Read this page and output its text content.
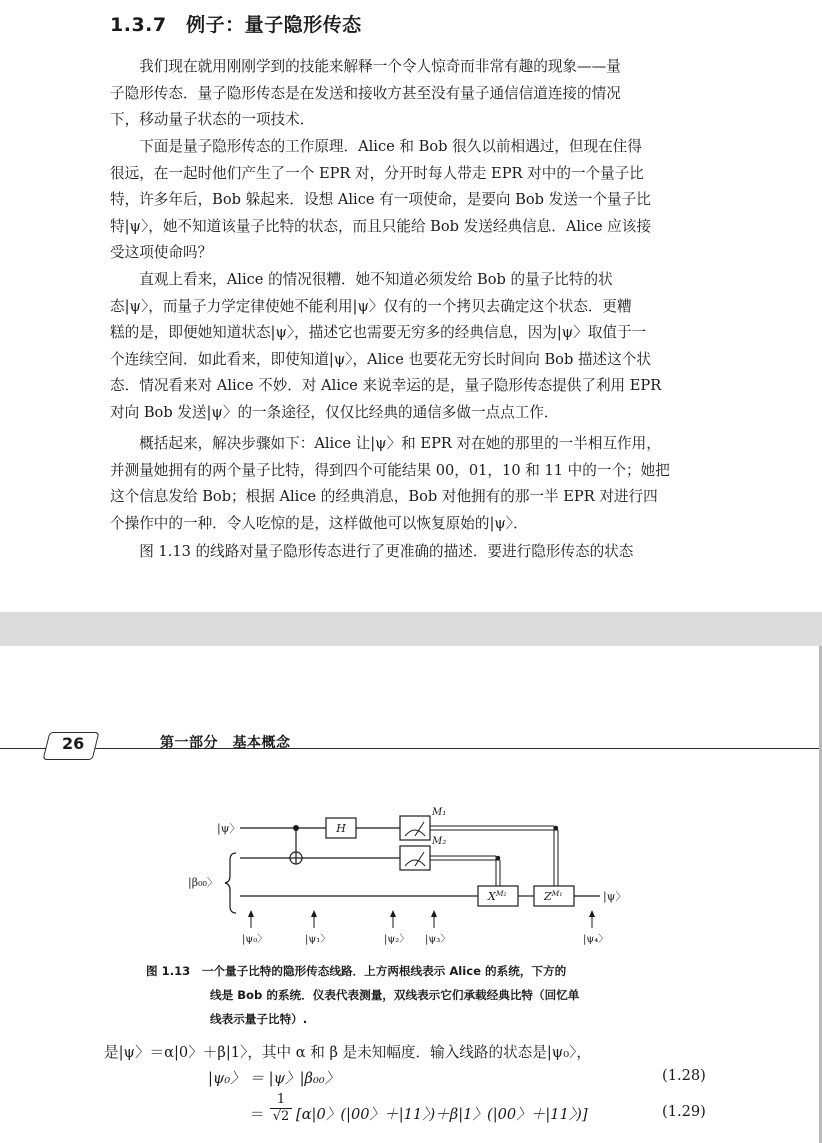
1.3.7　例子：量子隐形传态
我们现在就用刚刚学到的技能来解释一个令人惊奇而非常有趣的现象——量
子隐形传态．量子隐形传态是在发送和接收方甚至没有量子通信信道连接的情况
下，移动量子状态的一项技术．
下面是量子隐形传态的工作原理．Alice 和 Bob 很久以前相遇过，但现在住得
很远，在一起时他们产生了一个 EPR 对，分开时每人带走 EPR 对中的一个量子比
特，许多年后，Bob 躲起来．设想 Alice 有一项使命，是要向 Bob 发送一个量子比
特|ψ〉，她不知道该量子比特的状态，而且只能给 Bob 发送经典信息．Alice 应该接
受这项使命吗？
直观上看来，Alice 的情况很糟．她不知道必须发给 Bob 的量子比特的状
态|ψ〉，而量子力学定律使她不能利用|ψ〉仅有的一个拷贝去确定这个状态．更糟
糕的是，即便她知道状态|ψ〉，描述它也需要无穷多的经典信息，因为|ψ〉取值于一
个连续空间．如此看来，即使知道|ψ〉，Alice 也要花无穷长时间向 Bob 描述这个状
态．情况看来对 Alice 不妙．对 Alice 来说幸运的是，量子隐形传态提供了利用 EPR
对向 Bob 发送|ψ〉的一条途径，仅仅比经典的通信多做一点点工作．
概括起来，解决步骤如下：Alice 让|ψ〉和 EPR 对在她的那里的一半相互作用，
并测量她拥有的两个量子比特，得到四个可能结果 00，01，10 和 11 中的一个；她把
这个信息发给 Bob；根据 Alice 的经典消息，Bob 对他拥有的那一半 EPR 对进行四
个操作中的一种．令人吃惊的是，这样做他可以恢复原始的|ψ〉．
图 1.13 的线路对量子隐形传态进行了更准确的描述．要进行隐形传态的状态
26	第一部分　基本概念
|ψ〉
|β₀₀〉
H
M₁
M₂
$X^{M_2}$	$Z^{M_1}$	|ψ〉
|ψ₀〉	|ψ₁〉	|ψ₂〉 |ψ₃〉	|ψ₄〉
图 1.13　一个量子比特的隐形传态线路．上方两根线表示 Alice 的系统，下方的
线是 Bob 的系统．仪表代表测量，双线表示它们承载经典比特（回忆单
线表示量子比特）.
是|ψ〉＝α|0〉＋β|1〉，其中 α 和 β 是未知幅度．输入线路的状态是|ψ₀〉，
|ψ₀〉 ＝ |ψ〉|β₀₀〉	(1.28)
＝ $\frac{1}{√2} [\alpha|0$〉(|00〉＋|11〉)＋β|1〉(|00〉＋|11〉)]	(1.29)
